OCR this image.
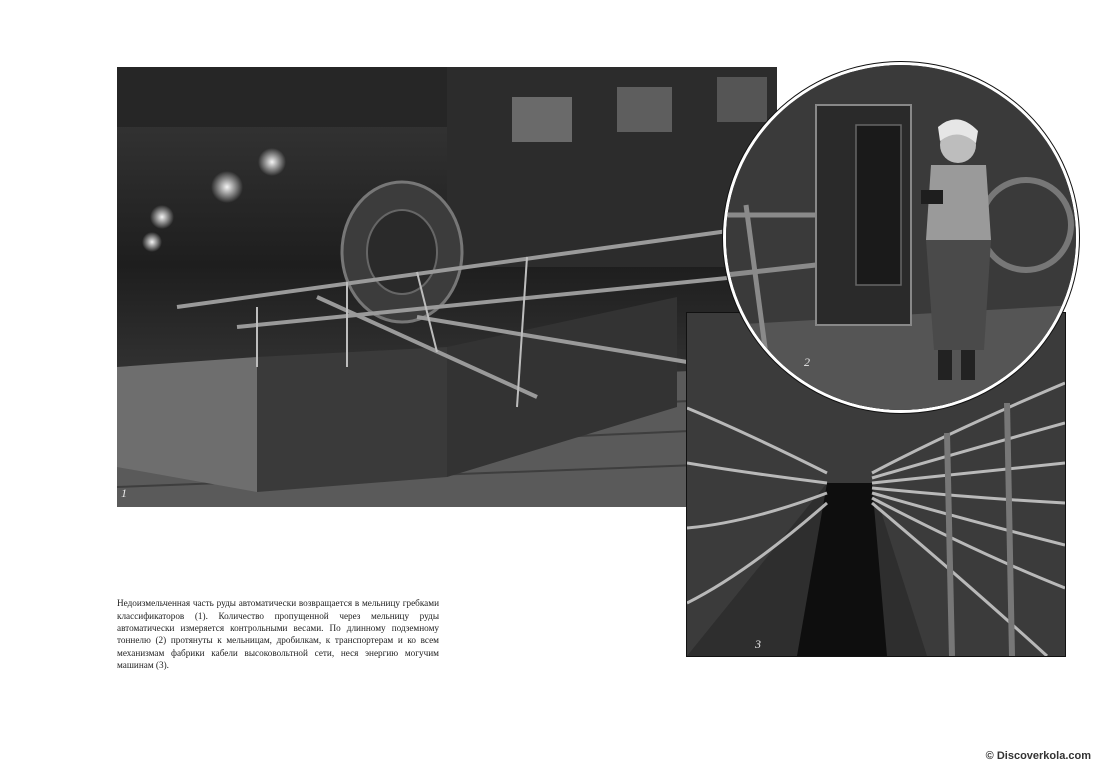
1
3
2

Недоизмельченная часть руды автоматически возвращается в мельницу гребками классификаторов (1). Количество пропущенной через мельницу руды автоматически измеряется контрольными весами. По длинному подземному тоннелю (2) протянуты к мельницам, дробилкам, к транспортерам и ко всем механизмам фабрики кабели высоковольтной сети, неся энергию могучим машинам (3).

© Discoverkola.com
